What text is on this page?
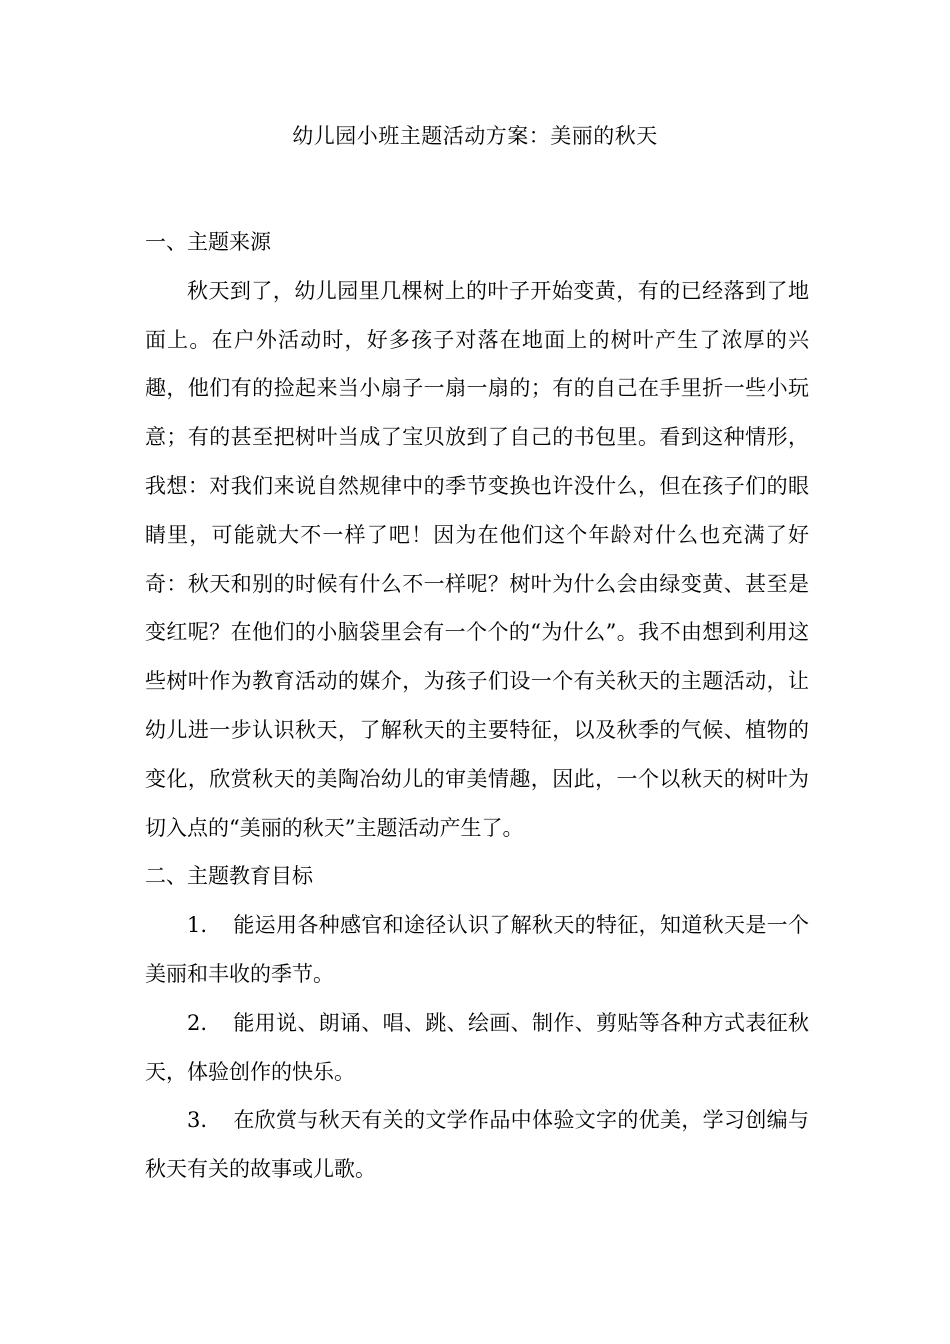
幼儿园小班主题活动方案：美丽的秋天

一、主题来源

秋天到了，幼儿园里几棵树上的叶子开始变黄，有的已经落到了地面上。在户外活动时，好多孩子对落在地面上的树叶产生了浓厚的兴趣，他们有的捡起来当小扇子一扇一扇的；有的自己在手里折一些小玩意；有的甚至把树叶当成了宝贝放到了自己的书包里。看到这种情形，我想：对我们来说自然规律中的季节变换也许没什么，但在孩子们的眼睛里，可能就大不一样了吧！因为在他们这个年龄对什么也充满了好奇：秋天和别的时候有什么不一样呢？树叶为什么会由绿变黄、甚至是变红呢？在他们的小脑袋里会有一个个的“为什么”。我不由想到利用这些树叶作为教育活动的媒介，为孩子们设一个有关秋天的主题活动，让幼儿进一步认识秋天，了解秋天的主要特征，以及秋季的气候、植物的变化，欣赏秋天的美陶冶幼儿的审美情趣，因此，一个以秋天的树叶为切入点的“美丽的秋天”主题活动产生了。

二、主题教育目标

1. 能运用各种感官和途径认识了解秋天的特征，知道秋天是一个美丽和丰收的季节。

2. 能用说、朗诵、唱、跳、绘画、制作、剪贴等各种方式表征秋天，体验创作的快乐。

3. 在欣赏与秋天有关的文学作品中体验文字的优美，学习创编与秋天有关的故事或儿歌。
